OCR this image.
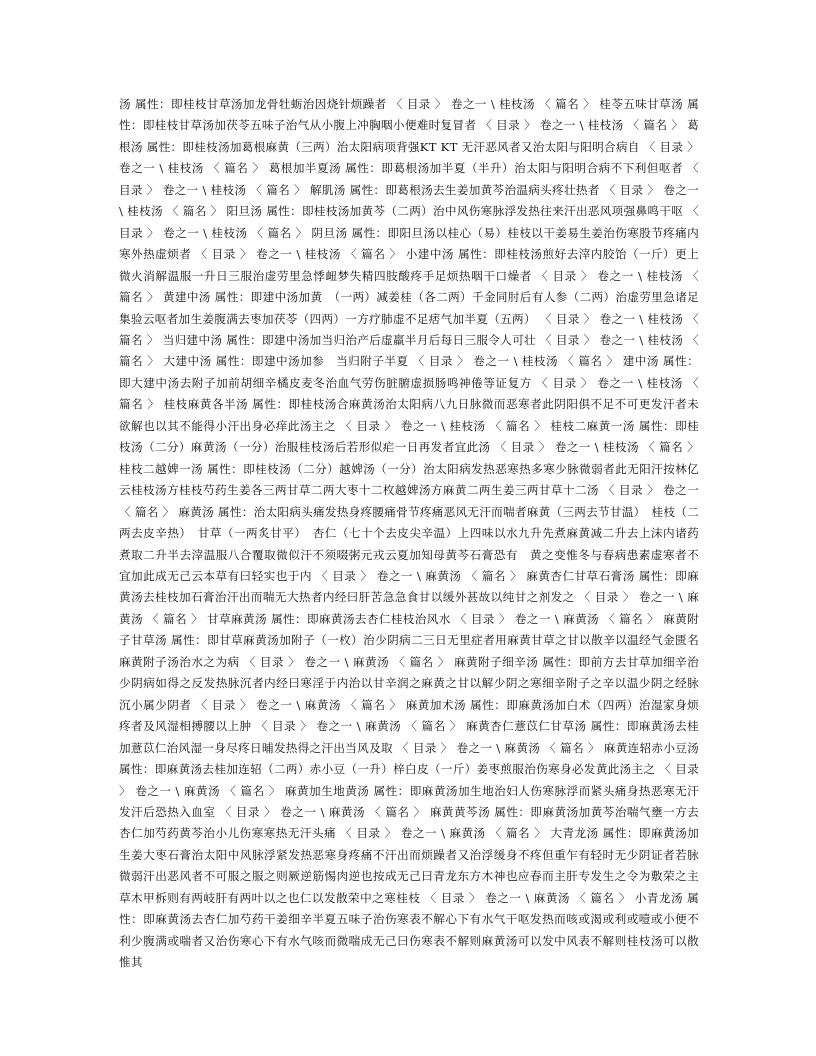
汤 属性：即桂枝甘草汤加龙骨牡蛎治因烧针烦躁者 〈 目录 〉 卷之一 \ 桂枝汤 〈 篇名 〉 桂苓五味甘草汤 属性：即桂枝甘草汤加茯苓五味子治气从小腹上冲胸咽小便难时复冒者 〈 目录 〉 卷之一 \ 桂枝汤 〈 篇名 〉 葛根汤 属性：即桂枝汤加葛根麻黄（三两）治太阳病项背强KT KT 无汗恶风者又治太阳与阳明合病自 〈 目录 〉 卷之一 \ 桂枝汤 〈 篇名 〉 葛根加半夏汤 属性：即葛根汤加半夏（半升）治太阳与阳明合病不下利但呕者 〈 目录 〉 卷之一 \ 桂枝汤 〈 篇名 〉 解肌汤 属性：即葛根汤去生姜加黄芩治温病头疼壮热者 〈 目录 〉 卷之一 \ 桂枝汤 〈 篇名 〉 阳旦汤 属性：即桂枝汤加黄芩（二两）治中风伤寒脉浮发热往来汗出恶风项强鼻鸣干呕 〈 目录 〉 卷之一 \ 桂枝汤 〈 篇名 〉 阴旦汤 属性：即阳旦汤以桂心（易）桂枝以干姜易生姜治伤寒股节疼痛内寒外热虚烦者 〈 目录 〉 卷之一 \ 桂枝汤 〈 篇名 〉 小建中汤 属性：即桂枝汤煎好去滓内胶饴（一斤）更上微火消解温服一升日三服治虚劳里急悸衄梦失精四肢酸疼手足烦热咽干口燥者 〈 目录 〉 卷之一 \ 桂枝汤 〈 篇名 〉 黄建中汤 属性：即建中汤加黄　（一两）减姜桂（各二两）千金同肘后有人参（二两）治虚劳里急诸足集验云呕者加生姜腹满去枣加茯苓（四两）一方疗肺虚不足痞气加半夏（五两） 〈 目录 〉 卷之一 \ 桂枝汤 〈 篇名 〉 当归建中汤 属性：即建中汤加当归治产后虚羸半月后每日三服令人可壮 〈 目录 〉 卷之一 \ 桂枝汤 〈 篇名 〉 大建中汤 属性：即建中汤加参　当归附子半夏 〈 目录 〉 卷之一 \ 桂枝汤 〈 篇名 〉 建中汤 属性：即大建中汤去附子加前胡细辛橘皮麦冬治血气劳伤脏腑虚损肠鸣神倦等证复方 〈 目录 〉 卷之一 \ 桂枝汤 〈 篇名 〉 桂枝麻黄各半汤 属性：即桂枝汤合麻黄汤治太阳病八九日脉微而恶寒者此阴阳俱不足不可更发汗者未欲解也以其不能得小汗出身必痒此汤主之 〈 目录 〉 卷之一 \ 桂枝汤 〈 篇名 〉 桂枝二麻黄一汤 属性：即桂枝汤（二分）麻黄汤（一分）治服桂枝汤后若形似疟一日再发者宜此汤 〈 目录 〉 卷之一 \ 桂枝汤 〈 篇名 〉 桂枝二越婢一汤 属性：即桂枝汤（二分）越婢汤（一分）治太阳病发热恶寒热多寒少脉微弱者此无阳汗按林亿云桂枝汤方桂枝芍药生姜各三两甘草二两大枣十二枚越婢汤方麻黄二两生姜三两甘草十二汤 〈 目录 〉 卷之一 〈 篇名 〉 麻黄汤 属性：治太阳病头痛发热身疼腰痛骨节疼痛恶风无汗而喘者麻黄（三两去节甘温）　桂枝（二两去皮辛热）　甘草（一两炙甘平）　杏仁（七十个去皮尖辛温）上四味以水九升先煮麻黄减二升去上沫内诸药煮取二升半去滓温服八合覆取微似汗不须啜粥元戎云夏加知母黄芩石膏恐有　黄之变惟冬与春病患素虚寒者不宜加此成无己云本草有曰轻实也于内 〈 目录 〉 卷之一 \ 麻黄汤 〈 篇名 〉 麻黄杏仁甘草石膏汤 属性：即麻黄汤去桂枝加石膏治汗出而喘无大热者内经曰肝苦急急食甘以缓外甚故以纯甘之剂发之 〈 目录 〉 卷之一 \ 麻黄汤 〈 篇名 〉 甘草麻黄汤 属性：即麻黄汤去杏仁桂枝治风水 〈 目录 〉 卷之一 \ 麻黄汤 〈 篇名 〉 麻黄附子甘草汤 属性：即甘草麻黄汤加附子（一枚）治少阴病二三日无里症者用麻黄甘草之甘以散辛以温经气金匮名麻黄附子汤治水之为病 〈 目录 〉 卷之一 \ 麻黄汤 〈 篇名 〉 麻黄附子细辛汤 属性：即前方去甘草加细辛治少阴病如得之反发热脉沉者内经曰寒淫于内治以甘辛润之麻黄之甘以解少阴之寒细辛附子之辛以温少阴之经脉沉小属少阴者 〈 目录 〉 卷之一 \ 麻黄汤 〈 篇名 〉 麻黄加术汤 属性：即麻黄汤加白术（四两）治湿家身烦疼者及风湿相搏腰以上肿 〈 目录 〉 卷之一 \ 麻黄汤 〈 篇名 〉 麻黄杏仁薏苡仁甘草汤 属性：即麻黄汤去桂加薏苡仁治风湿一身尽疼日晡发热得之汗出当风及取 〈 目录 〉 卷之一 \ 麻黄汤 〈 篇名 〉 麻黄连轺赤小豆汤 属性：即麻黄汤去桂加连轺（二两）赤小豆（一升）梓白皮（一斤）姜枣煎服治伤寒身必发黄此汤主之 〈 目录 〉 卷之一 \ 麻黄汤 〈 篇名 〉 麻黄加生地黄汤 属性：即麻黄汤加生地治妇人伤寒脉浮而紧头痛身热恶寒无汗发汗后恐热入血室 〈 目录 〉 卷之一 \ 麻黄汤 〈 篇名 〉 麻黄黄芩汤 属性：即麻黄汤加黄芩治喘气壅一方去杏仁加芍药黄芩治小儿伤寒寒热无汗头痛 〈 目录 〉 卷之一 \ 麻黄汤 〈 篇名 〉 大青龙汤 属性：即麻黄汤加生姜大枣石膏治太阳中风脉浮紧发热恶寒身疼痛不汗出而烦躁者又治浮缓身不疼但重乍有轻时无少阴证者若脉微弱汗出恶风者不可服之服之则厥逆筋惕肉逆也按成无己曰青龙东方木神也应春而主肝专发生之令为敷荣之主草木甲柝则有两岐肝有两叶以之也仁以发散荣中之寒桂枝 〈 目录 〉 卷之一 \ 麻黄汤 〈 篇名 〉 小青龙汤 属性：即麻黄汤去杏仁加芍药干姜细辛半夏五味子治伤寒表不解心下有水气干呕发热而咳或渴或利或噎或小便不利少腹满或喘者又治伤寒心下有水气咳而微喘成无己曰伤寒表不解则麻黄汤可以发中风表不解则桂枝汤可以散惟其
